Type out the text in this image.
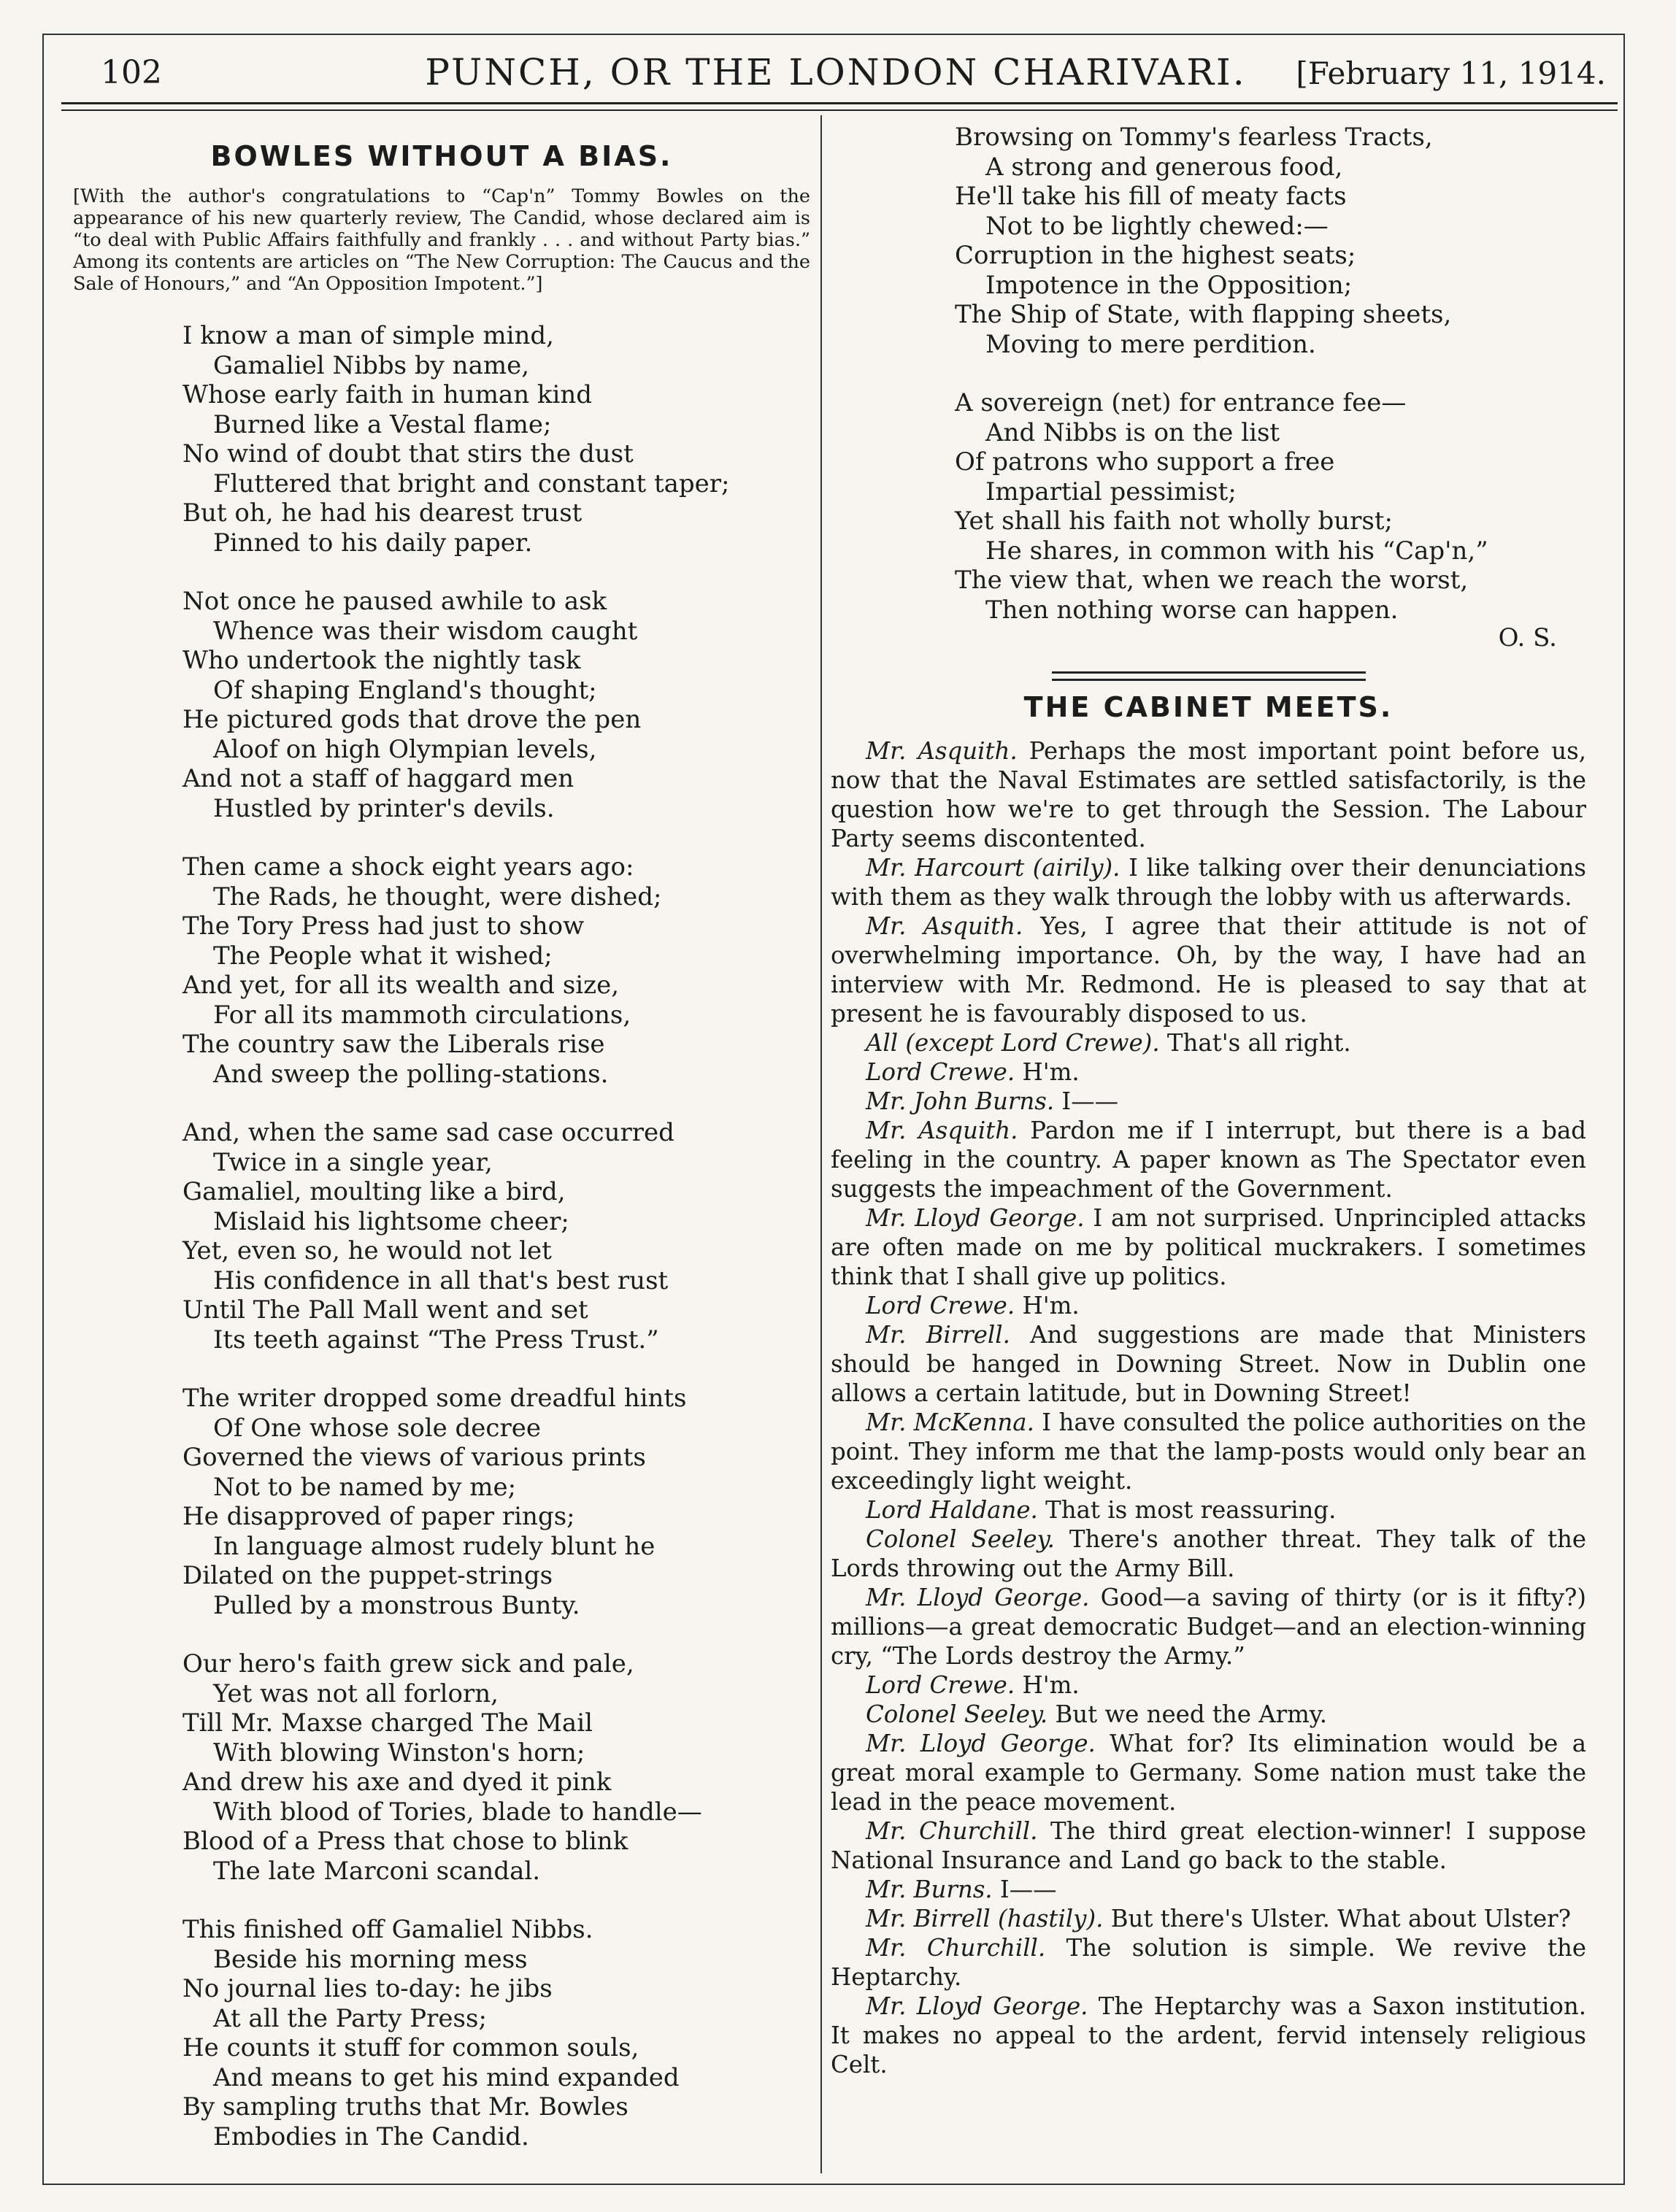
102	PUNCH, OR THE LONDON CHARIVARI.	[February 11, 1914.
BOWLES WITHOUT A BIAS.
[With the author's congratulations to “Cap'n” Tommy Bowles on the appearance of his new quarterly review, The Candid, whose declared aim is “to deal with Public Affairs faithfully and frankly . . . and without Party bias.” Among its contents are articles on “The New Corruption: The Caucus and the Sale of Honours,” and “An Opposition Impotent.”]
I know a man of simple mind,
Gamaliel Nibbs by name,
Whose early faith in human kind
Burned like a Vestal flame;
No wind of doubt that stirs the dust
Fluttered that bright and constant taper;
But oh, he had his dearest trust
Pinned to his daily paper.
Not once he paused awhile to ask
Whence was their wisdom caught
Who undertook the nightly task
Of shaping England's thought;
He pictured gods that drove the pen
Aloof on high Olympian levels,
And not a staff of haggard men
Hustled by printer's devils.
Then came a shock eight years ago:
The Rads, he thought, were dished;
The Tory Press had just to show
The People what it wished;
And yet, for all its wealth and size,
For all its mammoth circulations,
The country saw the Liberals rise
And sweep the polling-stations.
And, when the same sad case occurred
Twice in a single year,
Gamaliel, moulting like a bird,
Mislaid his lightsome cheer;
Yet, even so, he would not let
His confidence in all that's best rust
Until The Pall Mall went and set
Its teeth against “The Press Trust.”
The writer dropped some dreadful hints
Of One whose sole decree
Governed the views of various prints
Not to be named by me;
He disapproved of paper rings;
In language almost rudely blunt he
Dilated on the puppet-strings
Pulled by a monstrous Bunty.
Our hero's faith grew sick and pale,
Yet was not all forlorn,
Till Mr. Maxse charged The Mail
With blowing Winston's horn;
And drew his axe and dyed it pink
With blood of Tories, blade to handle—
Blood of a Press that chose to blink
The late Marconi scandal.
This finished off Gamaliel Nibbs.
Beside his morning mess
No journal lies to-day: he jibs
At all the Party Press;
He counts it stuff for common souls,
And means to get his mind expanded
By sampling truths that Mr. Bowles
Embodies in The Candid.
Browsing on Tommy's fearless Tracts,
A strong and generous food,
He'll take his fill of meaty facts
Not to be lightly chewed:—
Corruption in the highest seats;
Impotence in the Opposition;
The Ship of State, with flapping sheets,
Moving to mere perdition.
A sovereign (net) for entrance fee—
And Nibbs is on the list
Of patrons who support a free
Impartial pessimist;
Yet shall his faith not wholly burst;
He shares, in common with his “Cap'n,”
The view that, when we reach the worst,
Then nothing worse can happen.
O. S.
THE CABINET MEETS.

Mr. Asquith. Perhaps the most important point before us, now that the Naval Estimates are settled satisfactorily, is the question how we're to get through the Session. The Labour Party seems discontented.

Mr. Harcourt (airily). I like talking over their denunciations with them as they walk through the lobby with us afterwards.

Mr. Asquith. Yes, I agree that their attitude is not of overwhelming importance. Oh, by the way, I have had an interview with Mr. Redmond. He is pleased to say that at present he is favourably disposed to us.

All (except Lord Crewe). That's all right.

Lord Crewe. H'm.

Mr. John Burns. I——

Mr. Asquith. Pardon me if I interrupt, but there is a bad feeling in the country. A paper known as The Spectator even suggests the impeachment of the Government.

Mr. Lloyd George. I am not surprised. Unprincipled attacks are often made on me by political muckrakers. I sometimes think that I shall give up politics.

Lord Crewe. H'm.

Mr. Birrell. And suggestions are made that Ministers should be hanged in Downing Street. Now in Dublin one allows a certain latitude, but in Downing Street!

Mr. McKenna. I have consulted the police authorities on the point. They inform me that the lamp-posts would only bear an exceedingly light weight.

Lord Haldane. That is most reassuring.

Colonel Seeley. There's another threat. They talk of the Lords throwing out the Army Bill.

Mr. Lloyd George. Good—a saving of thirty (or is it fifty?) millions—a great democratic Budget—and an election-winning cry, “The Lords destroy the Army.”

Lord Crewe. H'm.

Colonel Seeley. But we need the Army.

Mr. Lloyd George. What for? Its elimination would be a great moral example to Germany. Some nation must take the lead in the peace movement.

Mr. Churchill. The third great election-winner! I suppose National Insurance and Land go back to the stable.

Mr. Burns. I——

Mr. Birrell (hastily). But there's Ulster. What about Ulster?

Mr. Churchill. The solution is simple. We revive the Heptarchy.

Mr. Lloyd George. The Heptarchy was a Saxon institution. It makes no appeal to the ardent, fervid intensely religious Celt.
